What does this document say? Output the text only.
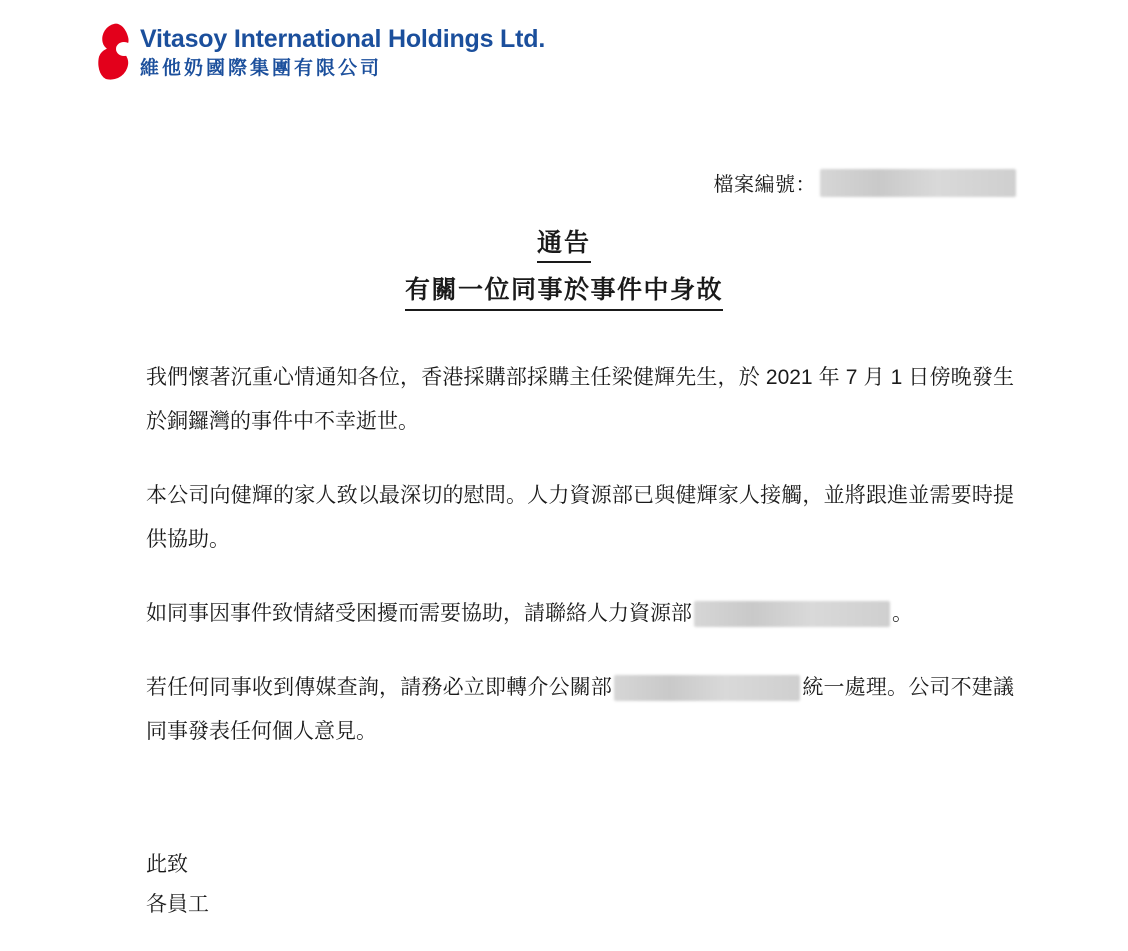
Vitasoy International Holdings Ltd.
維他奶國際集團有限公司
檔案編號：
通告
有關一位同事於事件中身故

我們懷著沉重心情通知各位，香港採購部採購主任梁健輝先生，於 2021 年 7 月 1 日傍晚發生於銅鑼灣的事件中不幸逝世。

本公司向健輝的家人致以最深切的慰問。人力資源部已與健輝家人接觸，並將跟進並需要時提供協助。

如同事因事件致情緒受困擾而需要協助，請聯絡人力資源部	。

若任何同事收到傳媒查詢，請務必立即轉介公關部	統一處理。公司不建議同事發表任何個人意見。

此致
各員工
